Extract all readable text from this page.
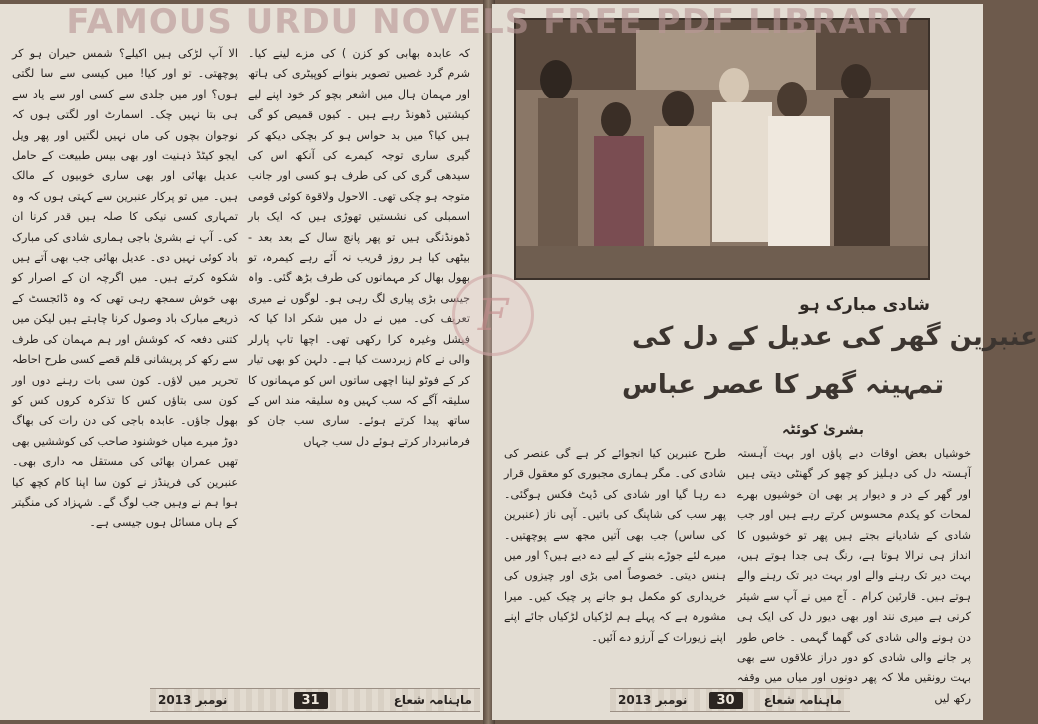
کہ عابدہ بھابی کو کزن ) کی مزے لینے کیا۔ شرم گرد غصیں تصویر بنوانے کوپیٹری کی ہاتھ اور مہمان ہال میں اشعر بچو کر خود اپنے لیے کیشتیں ڈھونڈ رہے ہیں ۔ کیوں قمیص کو گی ہیں کیا؟ میں بد حواس ہو کر بچکی دیکھ کر گیری ساری توجہ کیمرے کی آنکھ اس کی سیدھی گری کی کی طرف ہو کسی اور جانب متوجہ ہو چکی تھی۔ الاحول ولاقوة کوئی قومی اسمبلی کی نشستیں تھوڑی ہیں کہ ایک بار ڈھونڈنگی ہیں تو پھر پانچ سال کے بعد بعد - بیٹھی کیا ہر روز قریب نہ آئے رہے کیمرہ، تو بھول بھال کر مہمانوں کی طرف بڑھ گئی۔ واہ جیسی بڑی پیاری لگ رہی ہو۔ لوگوں نے میری تعریف کی۔ میں نے دل میں شکر ادا کیا کہ فیشل وغیرہ کرا رکھی تھی۔ اچھا تاپ پارلر والی نے کام زبردست کیا ہے۔ دلہن کو بھی تیار کر کے فوٹو لینا اچھی ساتوں اس کو مہمانوں کا سلیقہ آگے کہ سب کہیں وہ سلیقہ مند اس کے ساتھ پیدا کرتے ہوئے۔ ساری سب جان کو فرمانبردار کرتے ہوئے دل سب جہاں

الا آپ لڑکی ہیں اکیلے؟ شمس حیران ہو کر پوچھتی۔ تو اور کیا! میں کیسی سے سا لگتی ہوں؟ اور میں جلدی سے کسی اور سے یاد سے ہی بتا نہیں چک۔ اسمارٹ اور لگتی ہوں کہ نوجوان بچوں کی ماں نہیں لگتیں اور پھر ویل ایجو کیٹڈ ذہنیت اور بھی بیس طبیعت کے حامل عدیل بھائی اور بھی ساری خوبیوں کے مالک ہیں۔ میں تو پرکار عنبرین سے کہتی ہوں کہ وہ تمہاری کسی نیکی کا صلہ ہیں قدر کرنا ان کی۔ آپ نے بشریٰ باجی ہماری شادی کی مبارک باد کوئی نہیں دی۔ عدیل بھائی جب بھی آتے ہیں شکوہ کرتے ہیں۔ میں اگرچہ ان کے اصرار کو بھی خوش سمجھ رہی تھی کہ وہ ڈائجسٹ کے ذریعے مبارک باد وصول کرنا چاہتے ہیں لیکن میں کتنی دفعہ کہ کوشش اور ہم مہمان کی طرف سے رکھ کر پریشانی قلم قصے کسی طرح احاطہ تحریر میں لاؤں۔ کون سی بات رہنے دوں اور کون سی بتاؤں کس کا تذکرہ کروں کس کو بھول جاؤں۔ عابدہ باجی کی دن رات کی بھاگ دوڑ میرے میاں خوشنود صاحب کی کوششیں بھی تھیں عمران بھائی کی مستقل مہ داری بھی۔ عنبرین کی فرینڈز نے کون سا اپنا کام کچھ کیا ہوا ہم نے وہیں جب لوگ گے۔ شہزاد کی منگیتر کے ہاں مسائل ہوں جیسی ہے۔

نومبر 2013	31	ماہنامہ شعاع
شادی مبارک ہو
عنبرین گھر کی عدیل کے دل کی
تمہینہ گھر کا عصر عباس
بشریٰ کوئٹہ

خوشیاں بعض اوقات دبے پاؤں اور بہت آہستہ آہستہ دل کی دہلیز کو چھو کر گھنٹی دیتی ہیں اور گھر کے در و دیوار پر بھی ان خوشیوں بھرے لمحات کو یکدم محسوس کرتے رہے ہیں اور جب شادی کے شادیانے بجتے ہیں پھر تو خوشیوں کا انداز ہی نرالا ہوتا ہے، رنگ ہی جدا ہوتے ہیں، بہت دیر تک رہنے والے اور بہت دیر تک رہنے والے ہوتے ہیں۔ قارئین کرام ۔ آج میں نے آپ سے شیئر کرنی ہے میری نند اور بھی دیور دل کی ایک ہی دن ہونے والی شادی کی گھما گہمی ۔ خاص طور پر جانے والی شادی کو دور دراز علاقوں سے بھی بہت رونقیں ملا کہ پھر دونوں اور میاں میں وقفہ رکھ لیں

طرح عنبرین کیا انجوائے کر ہے گی عنصر کی شادی کی۔ مگر ہماری مجبوری کو معقول قرار دے رہا گیا اور شادی کی ڈیٹ فکس ہوگئی۔ پھر سب کی شاپنگ کی باتیں۔ آپی ناز (عنبرین کی ساس) جب بھی آتیں مجھ سے پوچھتیں۔ میرے لئے جوڑے بننے کے لیے دے دیے ہیں؟ اور میں ہنس دیتی۔ خصوصاً امی بڑی اور چیزوں کی خریداری کو مکمل ہو جانے پر چیک کیں۔ میرا مشورہ ہے کہ پہلے ہم لڑکیاں لڑکیاں جائے اپنے اپنے زیورات کے آرزو دے آئیں۔

نومبر 2013	30	ماہنامہ شعاع
F
FAMOUS URDU NOVELS FREE PDF LIBRARY
